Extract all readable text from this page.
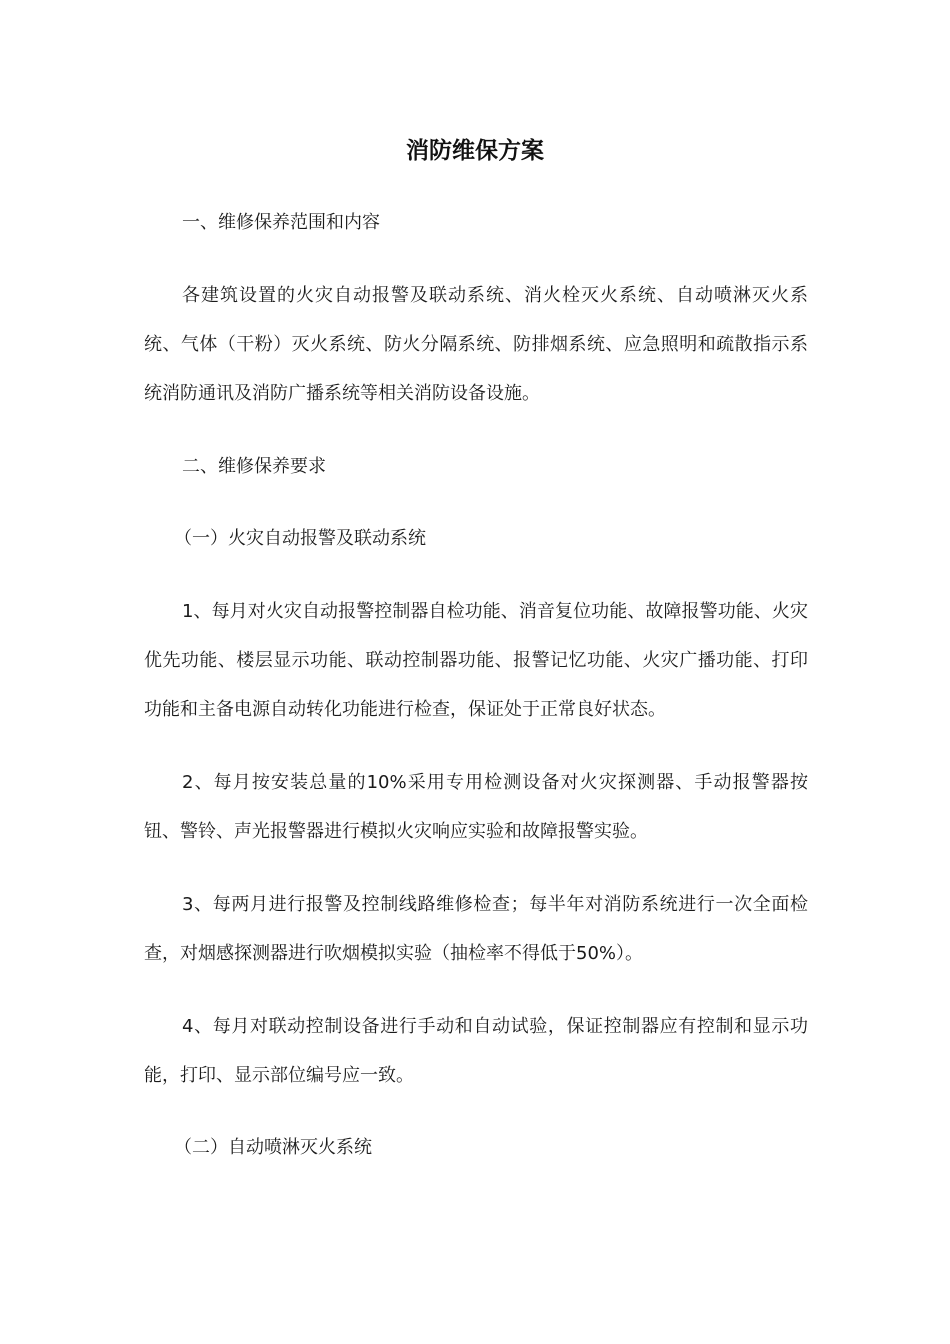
消防维保方案

一、维修保养范围和内容

各建筑设置的火灾自动报警及联动系统、消火栓灭火系统、自动喷淋灭火系统、气体（干粉）灭火系统、防火分隔系统、防排烟系统、应急照明和疏散指示系统消防通讯及消防广播系统等相关消防设备设施。

二、维修保养要求

（一）火灾自动报警及联动系统

1、每月对火灾自动报警控制器自检功能、消音复位功能、故障报警功能、火灾优先功能、楼层显示功能、联动控制器功能、报警记忆功能、火灾广播功能、打印功能和主备电源自动转化功能进行检查，保证处于正常良好状态。

2、每月按安装总量的10%采用专用检测设备对火灾探测器、手动报警器按钮、警铃、声光报警器进行模拟火灾响应实验和故障报警实验。

3、每两月进行报警及控制线路维修检查；每半年对消防系统进行一次全面检查，对烟感探测器进行吹烟模拟实验（抽检率不得低于50%）。

4、每月对联动控制设备进行手动和自动试验，保证控制器应有控制和显示功能，打印、显示部位编号应一致。

（二）自动喷淋灭火系统
